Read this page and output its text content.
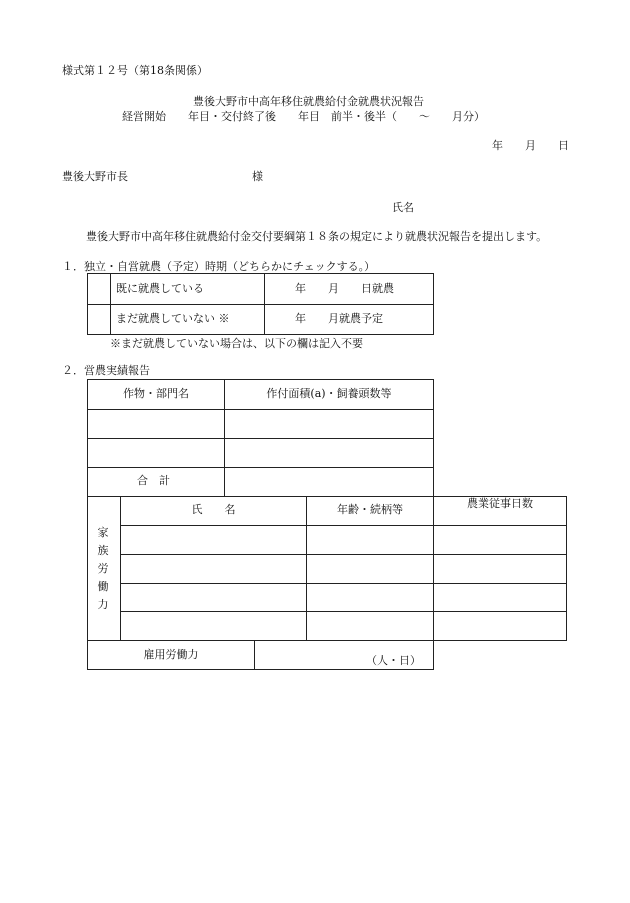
様式第１２号（第18条関係）
豊後大野市中高年移住就農給付金就農状況報告
経営開始　　年目・交付終了後　　年目　前半・後半（　　～　　月分）
年　　月　　日
豊後大野市長	様
氏名
豊後大野市中高年移住就農給付金交付要綱第１８条の規定により就農状況報告を提出します。
１．独立・自営就農（予定）時期（どちらかにチェックする。）
既に就農している	年　　月　　日就農
まだ就農していない ※	年　　月就農予定
※まだ就農していない場合は、以下の欄は記入不要
２．営農実績報告
作物・部門名	作付面積(a)・飼養頭数等
合　計
家族労働力
氏　　名	年齢・続柄等	農業従事日数
雇用労働力	（人・日）
